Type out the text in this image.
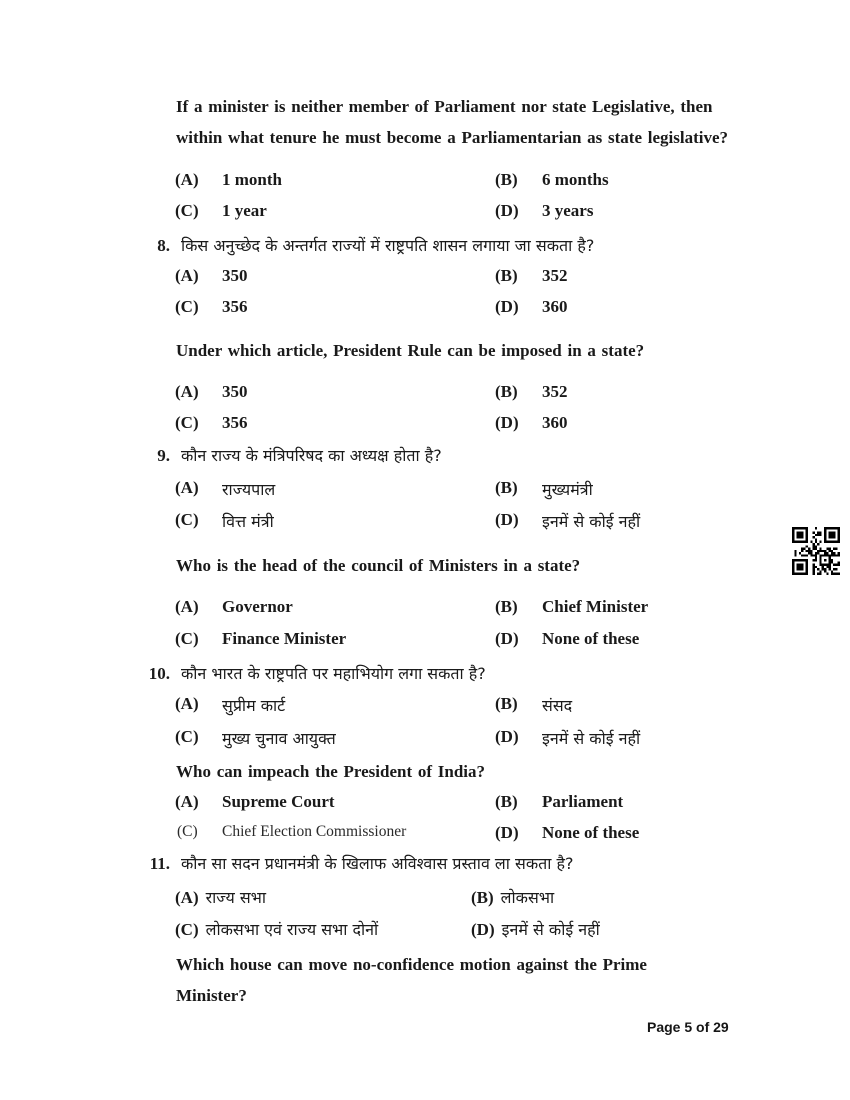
If a minister is neither member of Parliament nor state Legislative, then
within what tenure he must become a Parliamentarian as state legislative?
(A) 1 month	(B) 6 months
(C) 1 year	(D) 3 years
8. किस अनुच्छेद के अन्तर्गत राज्यों में राष्ट्रपति शासन लगाया जा सकता है?
(A) 350	(B) 352
(C) 356	(D) 360
Under which article, President Rule can be imposed in a state?
(A) 350	(B) 352
(C) 356	(D) 360
9. कौन राज्य के मंत्रिपरिषद का अध्यक्ष होता है?
(A) राज्यपाल	(B) मुख्यमंत्री
(C) वित्त मंत्री	(D) इनमें से कोई नहीं
Who is the head of the council of Ministers in a state?
(A) Governor	(B) Chief Minister
(C) Finance Minister	(D) None of these
10. कौन भारत के राष्ट्रपति पर महाभियोग लगा सकता है?
(A) सुप्रीम कार्ट	(B) संसद
(C) मुख्य चुनाव आयुक्त	(D) इनमें से कोई नहीं
Who can impeach the President of India?
(A) Supreme Court	(B) Parliament
(C) Chief Election Commissioner	(D) None of these
11. कौन सा सदन प्रधानमंत्री के खिलाफ अविश्वास प्रस्ताव ला सकता है?
(A) राज्य सभा	(B) लोकसभा
(C) लोकसभा एवं राज्य सभा दोनों	(D) इनमें से कोई नहीं
Which house can move no-confidence motion against the Prime
Minister?
Page 5 of 29
